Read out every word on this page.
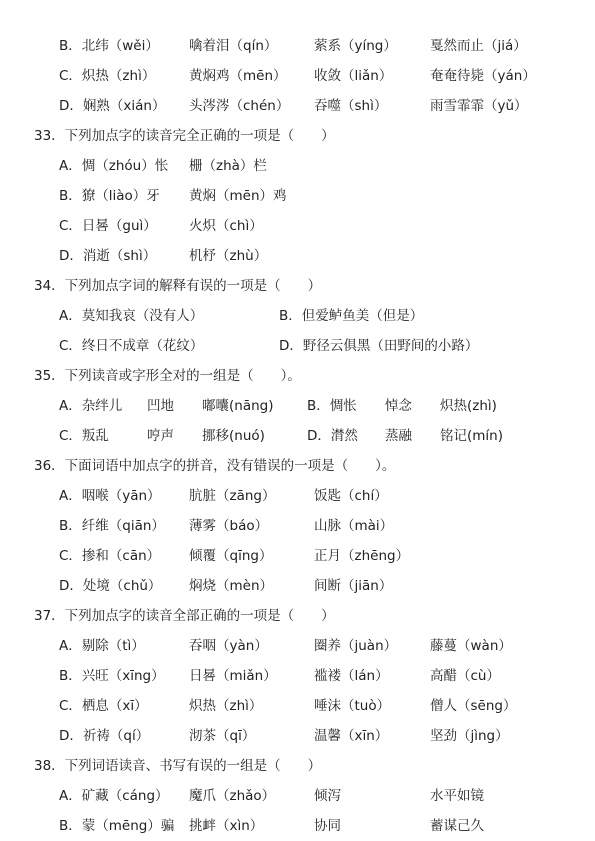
B．北纬（wěi） 噙着泪（qín）	萦系（yíng） 戛然而止（jiá）
C．炽热（zhì） 黄焖鸡（mēn） 收敛（liǎn）	奄奄待毙（yán）
D．娴熟（xián） 头涔涔（chén） 吞噬（shì）	雨雪霏霏（yǔ）
33．下列加点字的读音完全正确的一项是（　　）
A．惆（zhóu）怅 栅（zhà）栏
B．獠（liào）牙 黄焖（mēn）鸡
C．日晷（guì） 火炽（chì）
D．消逝（shì） 机杼（zhù）
34．下列加点字词的解释有误的一项是（　　）
A．莫知我哀（没有人）	B．但爱鲈鱼美（但是）
C．终日不成章（花纹）	D．野径云俱黑（田野间的小路）
35．下列读音或字形全对的一组是（　　）。
A．杂绊儿 凹地 嘟囔(nāng) B．惆怅 悼念 炽热(zhì)
C．叛乱	哼声 挪移(nuó)	D．潸然 蒸融 铭记(mín)
36．下面词语中加点字的拼音，没有错误的一项是（　　）。
A．咽喉（yān） 肮脏（zāng）	饭匙（chí）
B．纤维（qiān） 薄雾（báo）	山脉（mài）
C．掺和（cān） 倾覆（qīng）	正月（zhēng）
D．处境（chǔ） 焖烧（mèn）	间断（jiān）
37．下列加点字的读音全部正确的一项是（　　）
A．剔除（tì）	吞咽（yàn）	圈养（juàn） 藤蔓（wàn）
B．兴旺（xīng） 日晷（miǎn）	褴褛（lán）	高醋（cù）
C．栖息（xī）	炽热（zhì）	唾沫（tuò）	僧人（sēng）
D．祈祷（qí）	沏茶（qī）	温馨（xīn）	坚劲（jìng）
38．下列词语读音、书写有误的一组是（　　）
A．矿藏（cáng） 魔爪（zhǎo）	倾泻	水平如镜
B．蒙（mēng）骗 挑衅（xìn）	协同	蓄谋己久
